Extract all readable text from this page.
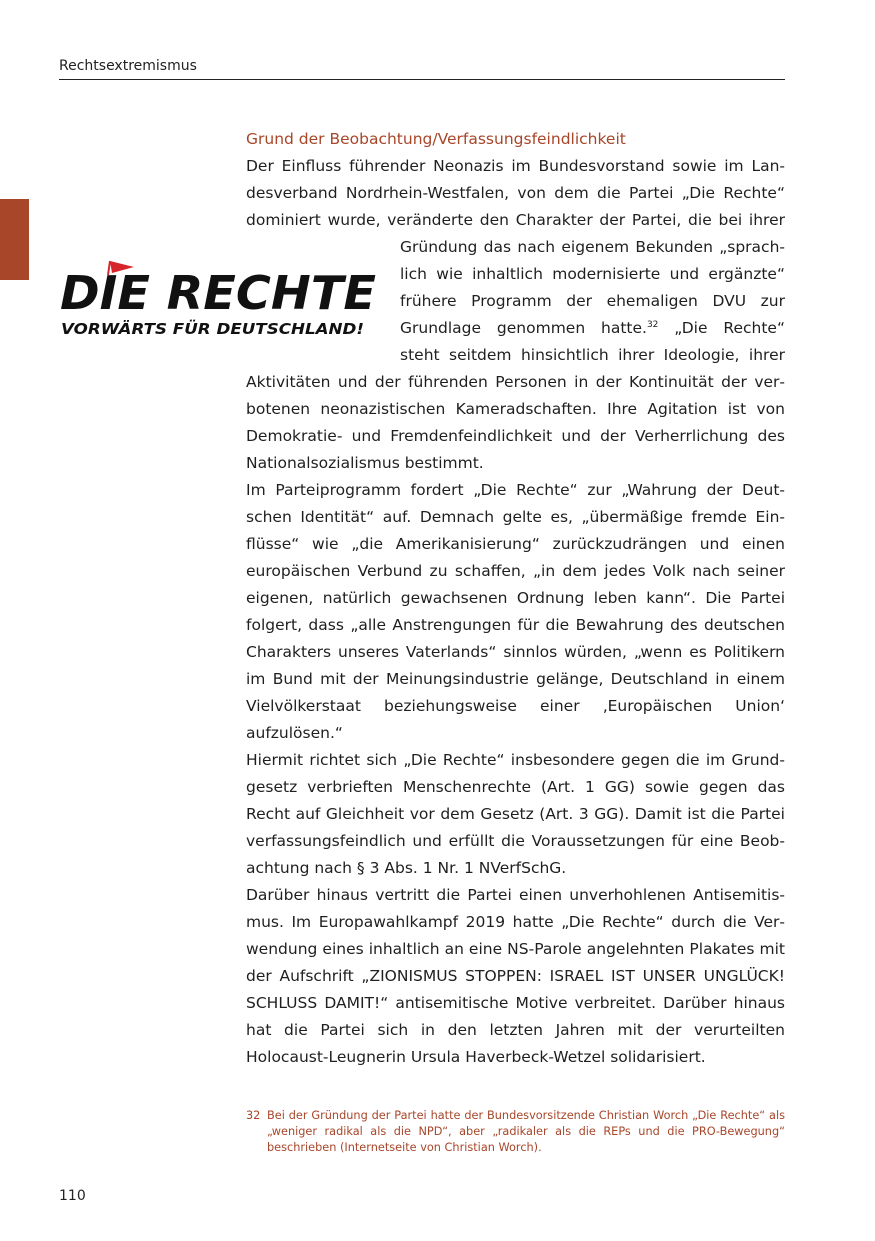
Rechtsextremismus
DIE RECHTE
VORWÄRTS FÜR DEUTSCHLAND!
Grund der Beobachtung/Verfassungsfeindlichkeit

Der Einfluss führender Neonazis im Bundesvorstand sowie im Landesverband Nordrhein-Westfalen, von dem die Partei „Die Rechte“ dominiert wurde, veränderte den Charakter der Partei, die bei ihrer Gründung das nach eigenem Bekunden „sprachlich wie inhaltlich modernisierte und ergänzte“ frühere Programm der ehemaligen DVU zur Grundlage genommen hatte.$^{32}$ „Die Rechte“ steht seitdem hinsichtlich ihrer Ideologie, ihrer Aktivitäten und der führenden Personen in der Kontinuität der verbotenen neonazistischen Kameradschaften. Ihre Agitation ist von Demokratie- und Fremdenfeindlichkeit und der Verherrlichung des Nationalsozialismus bestimmt.

Im Parteiprogramm fordert „Die Rechte“ zur „Wahrung der Deutschen Identität“ auf. Demnach gelte es, „übermäßige fremde Einflüsse“ wie „die Amerikanisierung“ zurückzudrängen und einen europäischen Verbund zu schaffen, „in dem jedes Volk nach seiner eigenen, natürlich gewachsenen Ordnung leben kann“. Die Partei folgert, dass „alle Anstrengungen für die Bewahrung des deutschen Charakters unseres Vaterlands“ sinnlos würden, „wenn es Politikern im Bund mit der Meinungsindustrie gelänge, Deutschland in einem Vielvölkerstaat beziehungsweise einer ‚Europäischen Union‘ aufzulösen.“

Hiermit richtet sich „Die Rechte“ insbesondere gegen die im Grundgesetz verbrieften Menschenrechte (Art. 1 GG) sowie gegen das Recht auf Gleichheit vor dem Gesetz (Art. 3 GG). Damit ist die Partei verfassungsfeindlich und erfüllt die Voraussetzungen für eine Beobachtung nach § 3 Abs. 1 Nr. 1 NVerfSchG.

Darüber hinaus vertritt die Partei einen unverhohlenen Antisemitismus. Im Europawahlkampf 2019 hatte „Die Rechte“ durch die Verwendung eines inhaltlich an eine NS-Parole angelehnten Plakates mit der Aufschrift „ZIONISMUS STOPPEN: ISRAEL IST UNSER UNGLÜCK! SCHLUSS DAMIT!“ antisemitische Motive verbreitet. Darüber hinaus hat die Partei sich in den letzten Jahren mit der verurteilten Holocaust-Leugnerin Ursula Haverbeck-Wetzel solidarisiert.

32 Bei der Gründung der Partei hatte der Bundesvorsitzende Christian Worch „Die Rechte“ als „weniger radikal als die NPD“, aber „radikaler als die REPs und die PRO-Bewegung“ beschrieben (Internetseite von Christian Worch).
110
